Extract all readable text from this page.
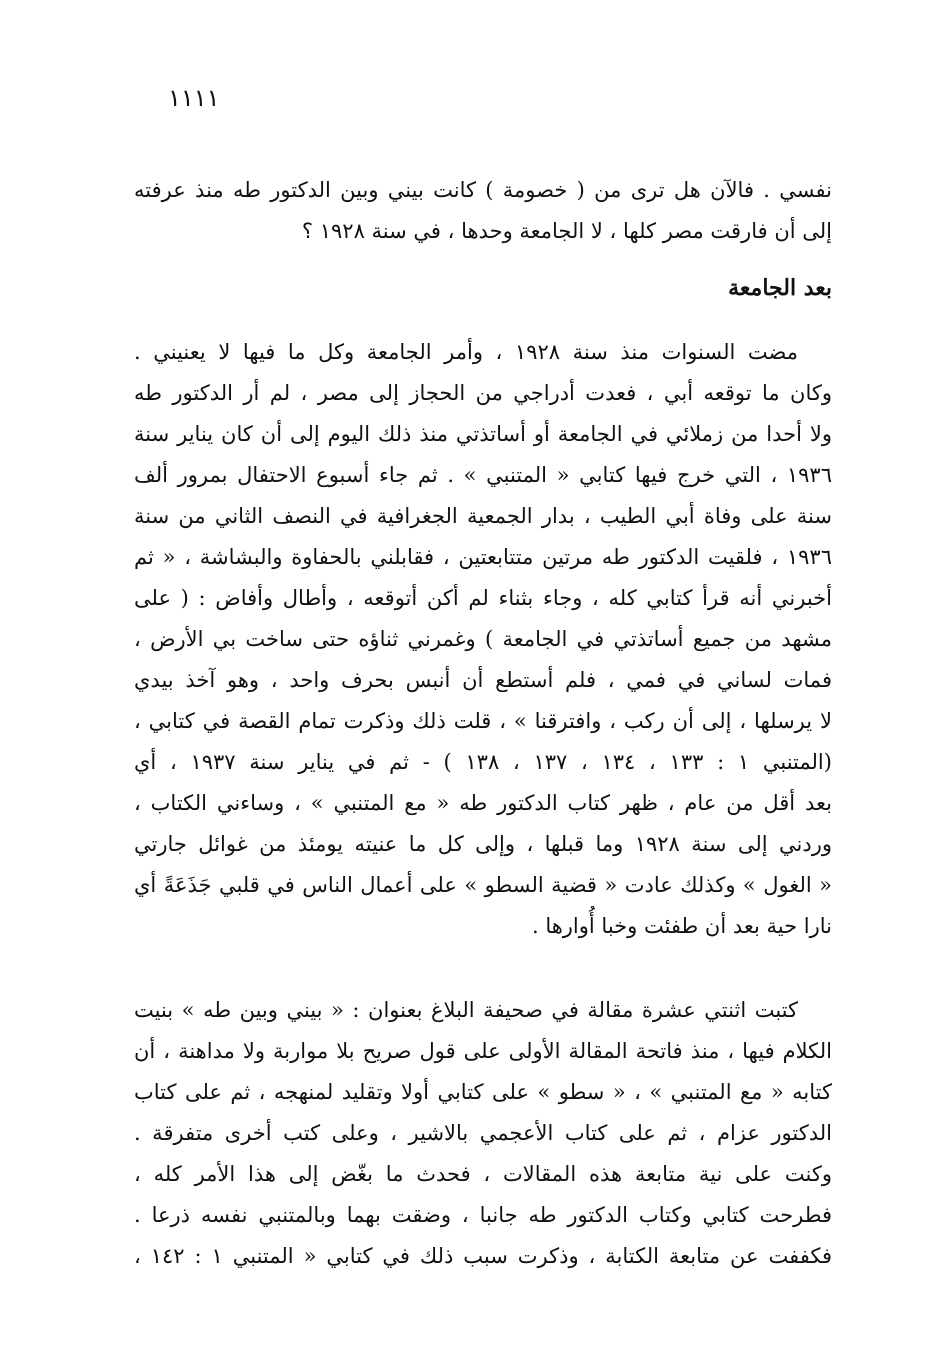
١١١١
نفسي . فالآن هل ترى من ( خصومة ) كانت بيني وبين الدكتور طه منذ عرفته
إلى أن فارقت مصر كلها ، لا الجامعة وحدها ، في سنة ١٩٢٨ ؟
بعد الجامعة
مضت السنوات منذ سنة ١٩٢٨ ، وأمر الجامعة وكل ما فيها لا يعنيني .
وكان ما توقعه أبي ، فعدت أدراجي من الحجاز إلى مصر ، لم أر الدكتور طه
ولا أحدا من زملائي في الجامعة أو أساتذتي منذ ذلك اليوم إلى أن كان يناير سنة
١٩٣٦ ، التي خرج فيها كتابي « المتنبي » . ثم جاء أسبوع الاحتفال بمرور ألف
سنة على وفاة أبي الطيب ، بدار الجمعية الجغرافية في النصف الثاني من سنة
١٩٣٦ ، فلقيت الدكتور طه مرتين متتابعتين ، فقابلني بالحفاوة والبشاشة ، « ثم
أخبرني أنه قرأ كتابي كله ، وجاء بثناء لم أكن أتوقعه ، وأطال وأفاض : ( على
مشهد من جميع أساتذتي في الجامعة ) وغمرني ثناؤه حتى ساخت بي الأرض ،
فمات لساني في فمي ، فلم أستطع أن أنبس بحرف واحد ، وهو آخذ بيدي
لا يرسلها ، إلى أن ركب ، وافترقنا » ، قلت ذلك وذكرت تمام القصة في كتابي ،
(المتنبي ١ : ١٣٣ ، ١٣٤ ، ١٣٧ ، ١٣٨ ) - ثم في يناير سنة ١٩٣٧ ، أي
بعد أقل من عام ، ظهر كتاب الدكتور طه « مع المتنبي » ، وساءني الكتاب ،
وردني إلى سنة ١٩٢٨ وما قبلها ، وإلى كل ما عنيته يومئذ من غوائل جارتي
« الغول » وكذلك عادت « قضية السطو » على أعمال الناس في قلبي جَذَعَةً أي
نارا حية بعد أن طفئت وخبا أُوارها .
كتبت اثنتي عشرة مقالة في صحيفة البلاغ بعنوان : « بيني وبين طه » بنيت
الكلام فيها ، منذ فاتحة المقالة الأولى على قول صريح بلا مواربة ولا مداهنة ، أن
كتابه « مع المتنبي » ، « سطو » على كتابي أولا وتقليد لمنهجه ، ثم على كتاب
الدكتور عزام ، ثم على كتاب الأعجمي بالاشير ، وعلى كتب أخرى متفرقة .
وكنت على نية متابعة هذه المقالات ، فحدث ما بغّض إلى هذا الأمر كله ،
فطرحت كتابي وكتاب الدكتور طه جانبا ، وضقت بهما وبالمتنبي نفسه ذرعا .
فكففت عن متابعة الكتابة ، وذكرت سبب ذلك في كتابي « المتنبي ١ : ١٤٢ ،
